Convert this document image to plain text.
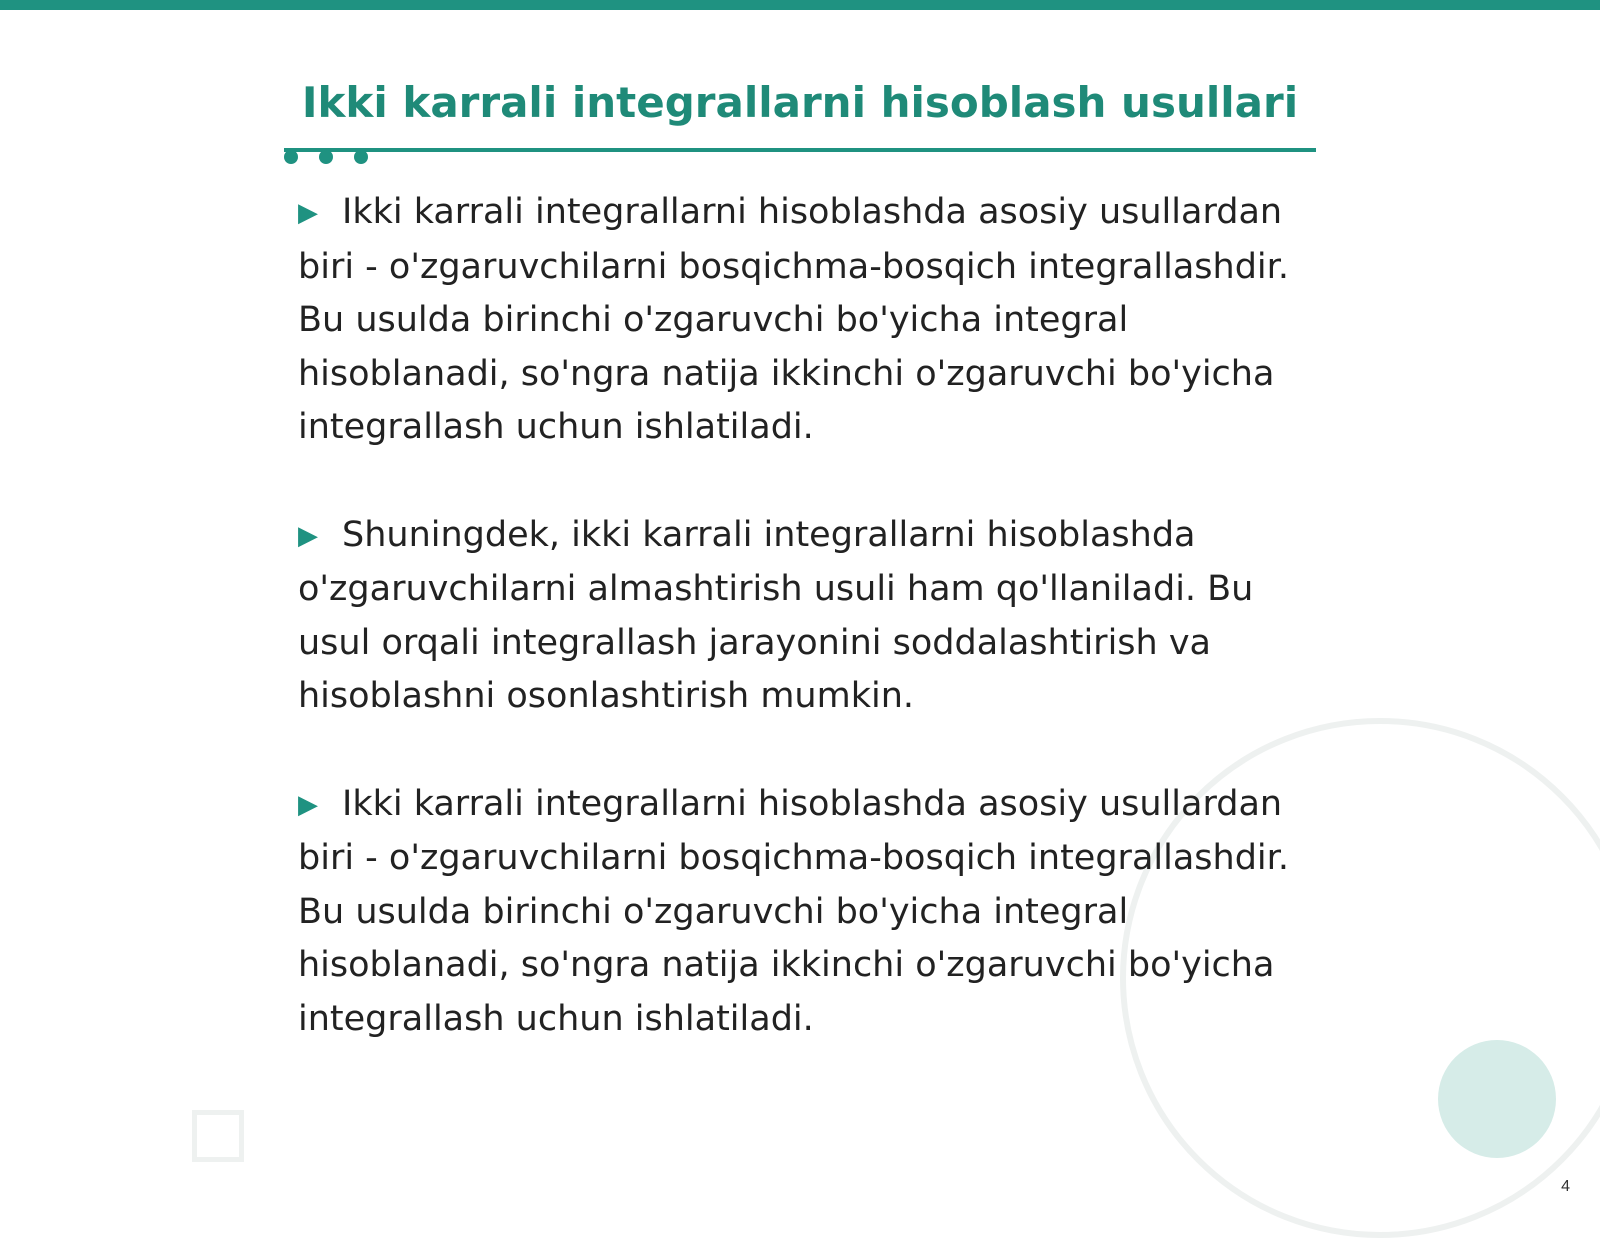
Ikki karrali integrallarni hisoblash usullari

▶ Ikki karrali integrallarni hisoblashda asosiy usullardan biri - o'zgaruvchilarni bosqichma-bosqich integrallashdir. Bu usulda birinchi o'zgaruvchi bo'yicha integral hisoblanadi, so'ngra natija ikkinchi o'zgaruvchi bo'yicha integrallash uchun ishlatiladi.

▶ Shuningdek, ikki karrali integrallarni hisoblashda o'zgaruvchilarni almashtirish usuli ham qo'llaniladi. Bu usul orqali integrallash jarayonini soddalashtirish va hisoblashni osonlashtirish mumkin.

▶ Ikki karrali integrallarni hisoblashda asosiy usullardan biri - o'zgaruvchilarni bosqichma-bosqich integrallashdir. Bu usulda birinchi o'zgaruvchi bo'yicha integral hisoblanadi, so'ngra natija ikkinchi o'zgaruvchi bo'yicha integrallash uchun ishlatiladi.

4
